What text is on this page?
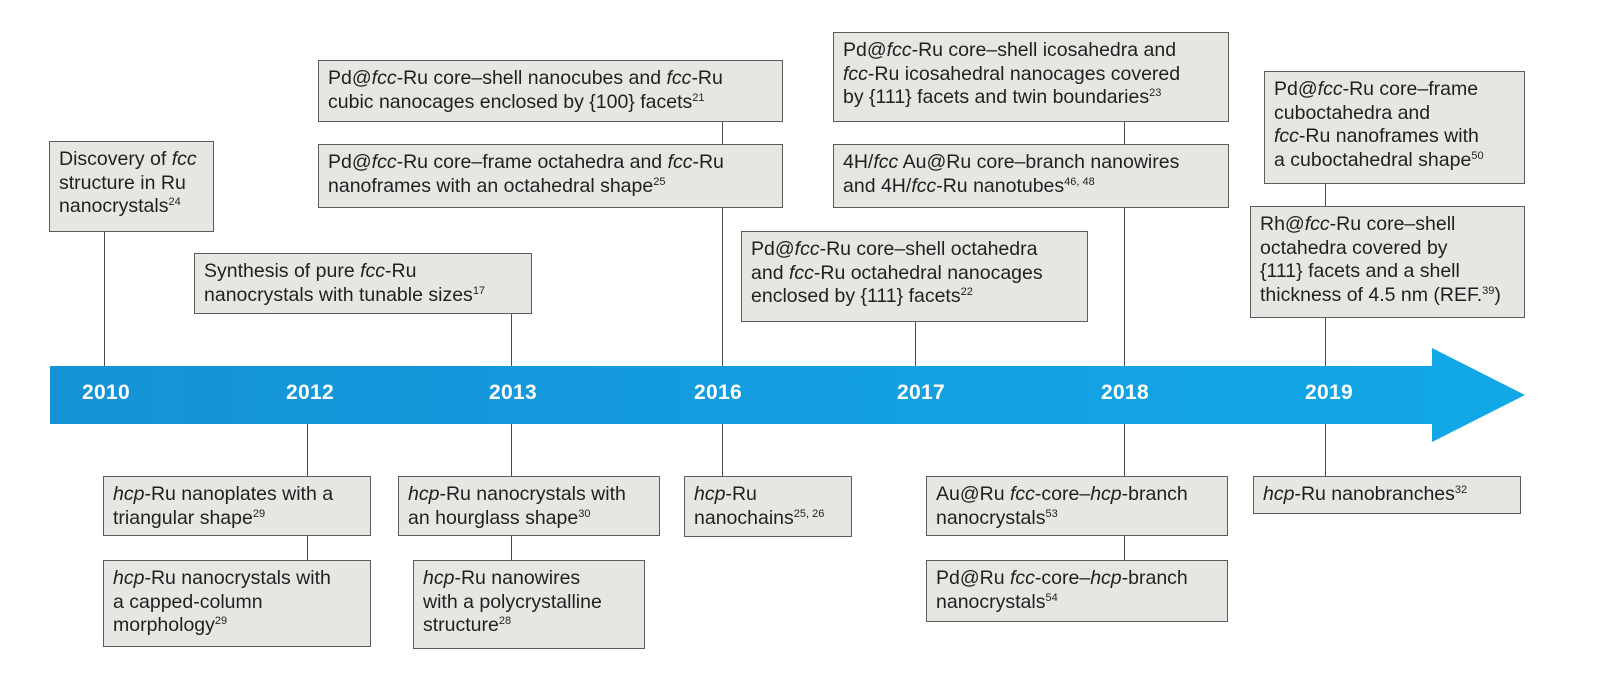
2010	2012	2013	2016	2017	2018	2019
Discovery of fcc
structure in Ru
nanocrystals$^{24}$
Synthesis of pure fcc-Ru
nanocrystals with tunable sizes$^{17}$
Pd@fcc-Ru core–shell nanocubes and fcc-Ru
cubic nanocages enclosed by {100} facets$^{21}$
Pd@fcc-Ru core–frame octahedra and fcc-Ru
nanoframes with an octahedral shape$^{25}$
Pd@fcc-Ru core–shell octahedra
and fcc-Ru octahedral nanocages
enclosed by {111} facets$^{22}$
Pd@fcc-Ru core–shell icosahedra and
fcc-Ru icosahedral nanocages covered
by {111} facets and twin boundaries$^{23}$
4H/fcc Au@Ru core–branch nanowires
and 4H/fcc-Ru nanotubes$^{46, 48}$
Pd@fcc-Ru core–frame
cuboctahedra and
fcc-Ru nanoframes with
a cuboctahedral shape$^{50}$
Rh@fcc-Ru core–shell
octahedra covered by
{111} facets and a shell
thickness of 4.5 nm (REF.$^{39}$)
hcp-Ru nanoplates with a
triangular shape$^{29}$
hcp-Ru nanocrystals with
a capped-column
morphology$^{29}$
hcp-Ru nanocrystals with
an hourglass shape$^{30}$
hcp-Ru nanowires
with a polycrystalline
structure$^{28}$
hcp-Ru
nanochains$^{25, 26}$
Au@Ru fcc-core–hcp-branch
nanocrystals$^{53}$
Pd@Ru fcc-core–hcp-branch
nanocrystals$^{54}$
hcp-Ru nanobranches$^{32}$
